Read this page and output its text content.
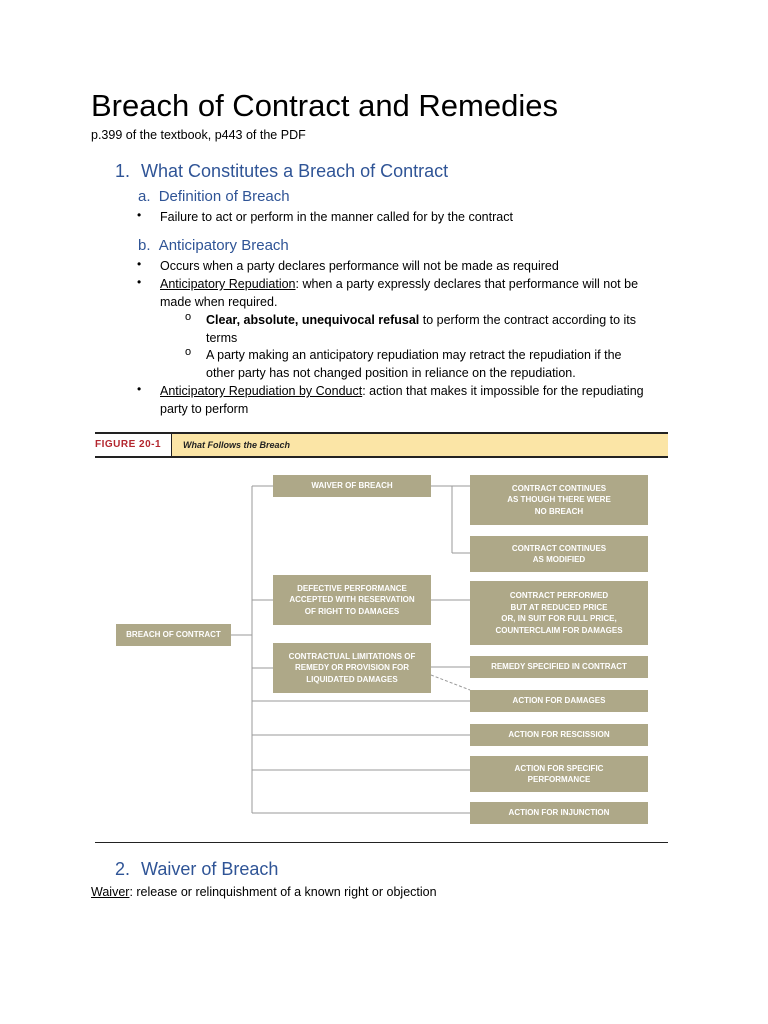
Breach of Contract and Remedies
p.399 of the textbook, p443 of the PDF
1. What Constitutes a Breach of Contract
a. Definition of Breach
• Failure to act or perform in the manner called for by the contract
b. Anticipatory Breach
• Occurs when a party declares performance will not be made as required
• Anticipatory Repudiation: when a party expressly declares that performance will not be
made when required.
o Clear, absolute, unequivocal refusal to perform the contract according to its
terms
o A party making an anticipatory repudiation may retract the repudiation if the
other party has not changed position in reliance on the repudiation.
• Anticipatory Repudiation by Conduct: action that makes it impossible for the repudiating
party to perform
FIGURE 20-1	What Follows the Breach
BREACH OF CONTRACT
WAIVER OF BREACH
DEFECTIVE PERFORMANCE
ACCEPTED WITH RESERVATION
OF RIGHT TO DAMAGES
CONTRACTUAL LIMITATIONS OF
REMEDY OR PROVISION FOR
LIQUIDATED DAMAGES
CONTRACT CONTINUES
AS THOUGH THERE WERE
NO BREACH
CONTRACT CONTINUES
AS MODIFIED
CONTRACT PERFORMED
BUT AT REDUCED PRICE
OR, IN SUIT FOR FULL PRICE,
COUNTERCLAIM FOR DAMAGES
REMEDY SPECIFIED IN CONTRACT
ACTION FOR DAMAGES
ACTION FOR RESCISSION
ACTION FOR SPECIFIC
PERFORMANCE
ACTION FOR INJUNCTION
2. Waiver of Breach
Waiver: release or relinquishment of a known right or objection
